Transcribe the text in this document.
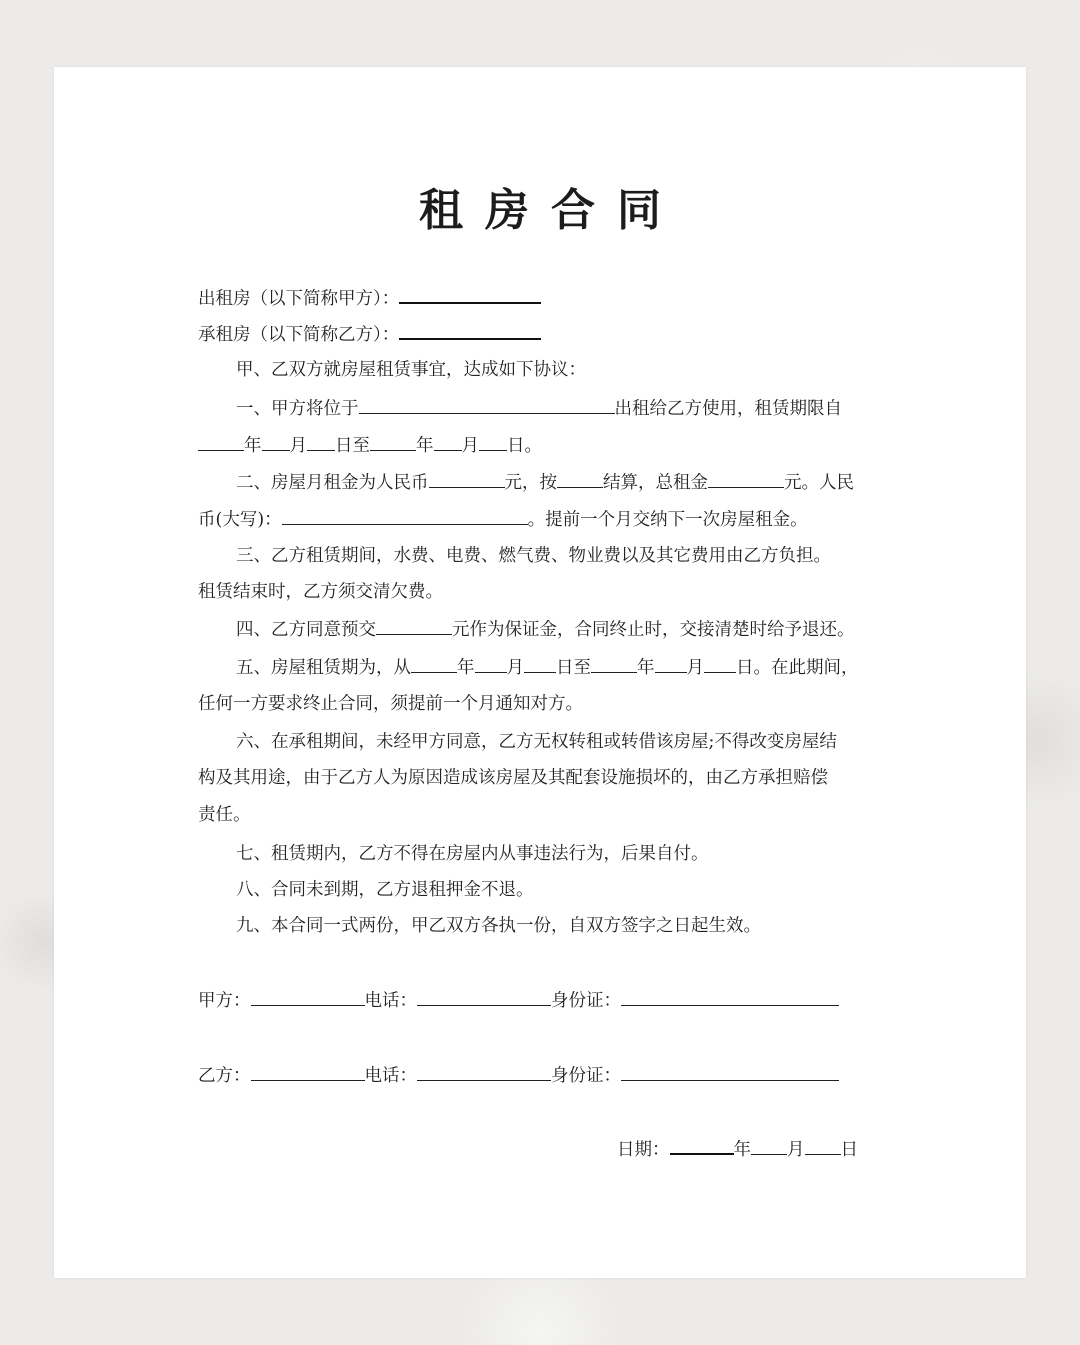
租房合同
出租房（以下简称甲方）：
承租房（以下简称乙方）：
甲、乙双方就房屋租赁事宜，达成如下协议：
一、甲方将位于	出租给乙方使用，租赁期限自
年 月 日至	年 月 日。
二、房屋月租金为人民币	元，按	结算，总租金	元。人民
币(大写)：	。提前一个月交纳下一次房屋租金。
三、乙方租赁期间，水费、电费、燃气费、物业费以及其它费用由乙方负担。
租赁结束时，乙方须交清欠费。
四、乙方同意预交	元作为保证金，合同终止时，交接清楚时给予退还。
五、房屋租赁期为，从	年 月 日至	年 月 日。在此期间，
任何一方要求终止合同，须提前一个月通知对方。
六、在承租期间，未经甲方同意，乙方无权转租或转借该房屋;不得改变房屋结
构及其用途，由于乙方人为原因造成该房屋及其配套设施损坏的，由乙方承担赔偿
责任。
七、租赁期内，乙方不得在房屋内从事违法行为，后果自付。
八、合同未到期，乙方退租押金不退。
九、本合同一式两份，甲乙双方各执一份，自双方签字之日起生效。
甲方：	电话：	身份证：
乙方：	电话：	身份证：
日期：	年 月 日
